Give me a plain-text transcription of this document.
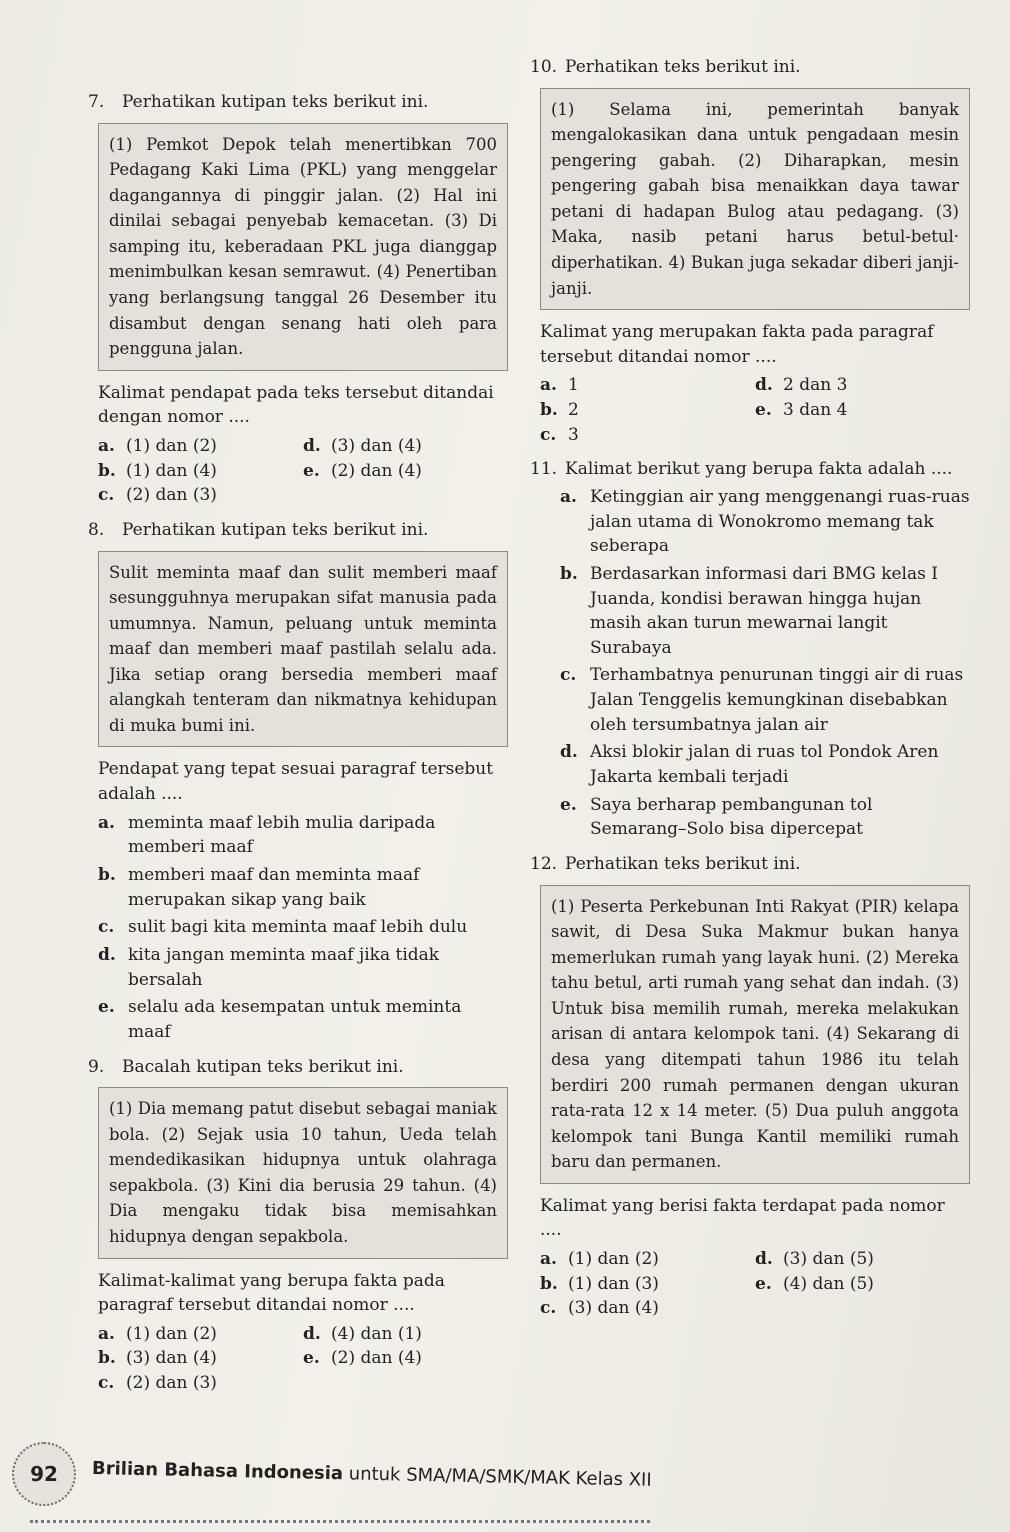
7.	Perhatikan kutipan teks berikut ini.
(1) Pemkot Depok telah menertibkan 700 Pedagang Kaki Lima (PKL) yang menggelar dagangannya di pinggir jalan. (2) Hal ini dinilai sebagai penyebab kemacetan. (3) Di samping itu, keberadaan PKL juga dianggap menimbulkan kesan semrawut. (4) Penertiban yang berlangsung tanggal 26 Desember itu disambut dengan senang hati oleh para pengguna jalan.
Kalimat pendapat pada teks tersebut ditandai dengan nomor ....
a. (1) dan (2)	d. (3) dan (4)
b. (1) dan (4)	e. (2) dan (4)
c. (2) dan (3)
8.	Perhatikan kutipan teks berikut ini.
Sulit meminta maaf dan sulit memberi maaf sesungguhnya merupakan sifat manusia pada umumnya. Namun, peluang untuk meminta maaf dan memberi maaf pastilah selalu ada. Jika setiap orang bersedia memberi maaf alangkah tenteram dan nikmatnya kehidupan di muka bumi ini.
Pendapat yang tepat sesuai paragraf tersebut adalah ....
a. meminta maaf lebih mulia daripada memberi maaf
b. memberi maaf dan meminta maaf merupakan sikap yang baik
c. sulit bagi kita meminta maaf lebih dulu
d. kita jangan meminta maaf jika tidak bersalah
e. selalu ada kesempatan untuk meminta maaf
9.	Bacalah kutipan teks berikut ini.
(1) Dia memang patut disebut sebagai maniak bola. (2) Sejak usia 10 tahun, Ueda telah mendedikasikan hidupnya untuk olahraga sepakbola. (3) Kini dia berusia 29 tahun. (4) Dia mengaku tidak bisa memisahkan hidupnya dengan sepakbola.
Kalimat-kalimat yang berupa fakta pada paragraf tersebut ditandai nomor ....
a. (1) dan (2)	d. (4) dan (1)
b. (3) dan (4)	e. (2) dan (4)
c. (2) dan (3)
10. Perhatikan teks berikut ini.
(1) Selama ini, pemerintah banyak mengalokasikan dana untuk pengadaan mesin pengering gabah. (2) Diharapkan, mesin pengering gabah bisa menaikkan daya tawar petani di hadapan Bulog atau pedagang. (3) Maka, nasib petani harus betul-betul· diperhatikan. 4) Bukan juga sekadar diberi janji-janji.
Kalimat yang merupakan fakta pada paragraf tersebut ditandai nomor ....
a. 1	d. 2 dan 3
b. 2	e. 3 dan 4
c. 3
11. Kalimat berikut yang berupa fakta adalah ....
a. Ketinggian air yang menggenangi ruas-ruas jalan utama di Wonokromo memang tak seberapa
b. Berdasarkan informasi dari BMG kelas I Juanda, kondisi berawan hingga hujan masih akan turun mewarnai langit Surabaya
c. Terhambatnya penurunan tinggi air di ruas Jalan Tenggelis kemungkinan disebabkan oleh tersumbatnya jalan air
d. Aksi blokir jalan di ruas tol Pondok Aren Jakarta kembali terjadi
e. Saya berharap pembangunan tol Semarang–Solo bisa dipercepat
12. Perhatikan teks berikut ini.
(1) Peserta Perkebunan Inti Rakyat (PIR) kelapa sawit, di Desa Suka Makmur bukan hanya memerlukan rumah yang layak huni. (2) Mereka tahu betul, arti rumah yang sehat dan indah. (3) Untuk bisa memilih rumah, mereka melakukan arisan di antara kelompok tani. (4) Sekarang di desa yang ditempati tahun 1986 itu telah berdiri 200 rumah permanen dengan ukuran rata-rata 12 x 14 meter. (5) Dua puluh anggota kelompok tani Bunga Kantil memiliki rumah baru dan permanen.
Kalimat yang berisi fakta terdapat pada nomor ....
a. (1) dan (2)	d. (3) dan (5)
b. (1) dan (3)	e. (4) dan (5)
c. (3) dan (4)
92	Brilian Bahasa Indonesia untuk SMA/MA/SMK/MAK Kelas XII
